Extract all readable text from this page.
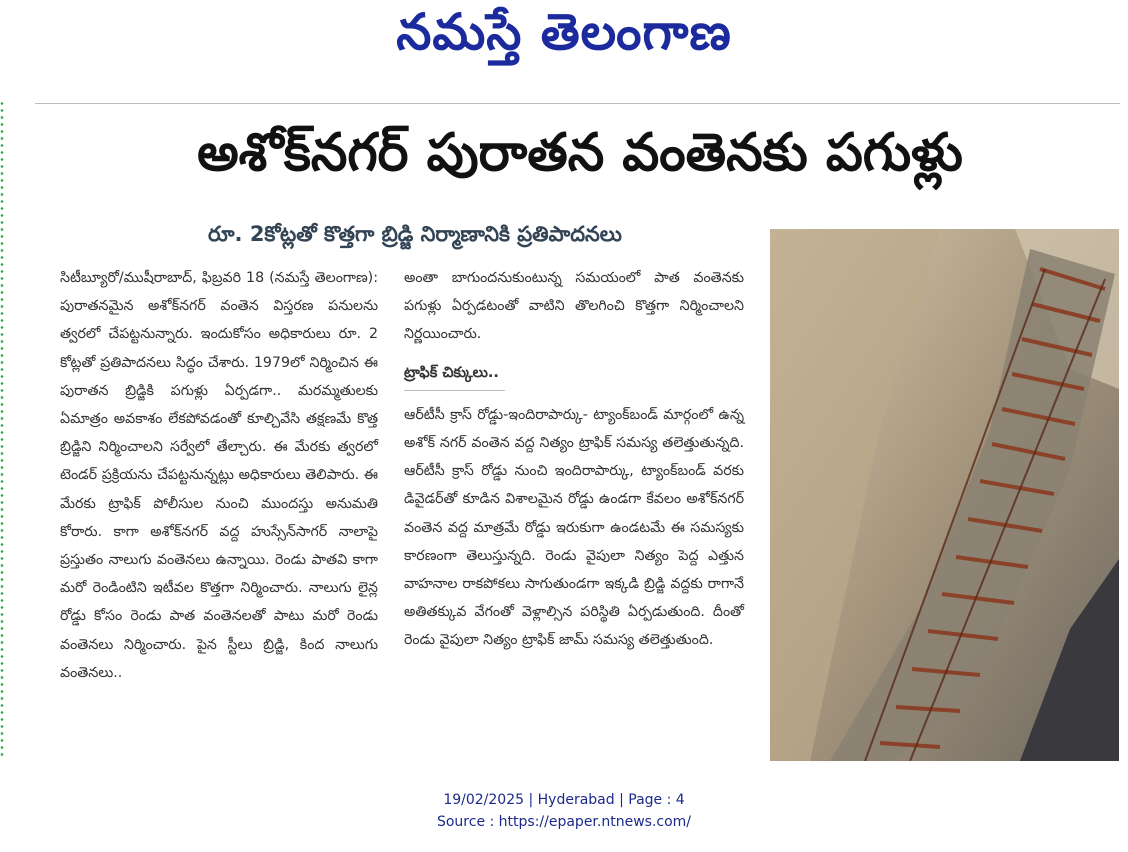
నమస్తే తెలంగాణ
అశోక్‌నగర్ పురాతన వంతెనకు పగుళ్లు
రూ. 2కోట్లతో కొత్తగా బ్రిడ్జి నిర్మాణానికి ప్రతిపాదనలు

సిటీబ్యూరో/ముషీరాబాద్, ఫిబ్రవరి 18 (నమస్తే తెలంగాణ): పురాతనమైన అశోక్‌నగర్ వంతెన విస్తరణ పనులను త్వరలో చేపట్టనున్నారు. ఇందుకోసం అధికారులు రూ. 2 కోట్లతో ప్రతిపాదనలు సిద్ధం చేశారు. 1979లో నిర్మించిన ఈ పురాతన బ్రిడ్జికి పగుళ్లు ఏర్పడగా.. మరమ్మతులకు ఏమాత్రం అవకాశం లేకపోవడంతో కూల్చివేసి తక్షణమే కొత్త బ్రిడ్జిని నిర్మించాలని సర్వేలో తేల్చారు. ఈ మేరకు త్వరలో టెండర్ ప్రక్రియను చేపట్టనున్నట్లు అధికారులు తెలిపారు. ఈ మేరకు ట్రాఫిక్ పోలీసుల నుంచి ముందస్తు అనుమతి కోరారు. కాగా అశోక్‌నగర్ వద్ద హుస్సేన్‌సాగర్ నాలాపై ప్రస్తుతం నాలుగు వంతెనలు ఉన్నాయి. రెండు పాతవి కాగా మరో రెండింటిని ఇటీవల కొత్తగా నిర్మించారు. నాలుగు లైన్ల రోడ్డు కోసం రెండు పాత వంతెనలతో పాటు మరో రెండు వంతెనలు నిర్మించారు. పైన స్టీలు బ్రిడ్జి, కింద నాలుగు వంతెనలు..

అంతా బాగుందనుకుంటున్న సమయంలో పాత వంతెనకు పగుళ్లు ఏర్పడటంతో వాటిని తొలగించి కొత్తగా నిర్మించాలని నిర్ణయించారు.

ట్రాఫిక్ చిక్కులు..

ఆర్‌టీసీ క్రాస్ రోడ్డు-ఇందిరాపార్కు- ట్యాంక్‌బండ్ మార్గంలో ఉన్న అశోక్ నగర్ వంతెన వద్ద నిత్యం ట్రాఫిక్ సమస్య తలెత్తుతున్నది. ఆర్‌టీసీ క్రాస్ రోడ్డు నుంచి ఇందిరాపార్కు, ట్యాంక్‌బండ్ వరకు డివైడర్‌తో కూడిన విశాలమైన రోడ్డు ఉండగా కేవలం అశోక్‌నగర్ వంతెన వద్ద మాత్రమే రోడ్డు ఇరుకుగా ఉండటమే ఈ సమస్యకు కారణంగా తెలుస్తున్నది. రెండు వైపులా నిత్యం పెద్ద ఎత్తున వాహనాల రాకపోకలు సాగుతుండగా ఇక్కడి బ్రిడ్జి వద్దకు రాగానే అతితక్కువ వేగంతో వెళ్లాల్సిన పరిస్థితి ఏర్పడుతుంది. దీంతో రెండు వైపులా నిత్యం ట్రాఫిక్ జామ్ సమస్య తలెత్తుతుంది.

19/02/2025 | Hyderabad | Page : 4
Source : https://epaper.ntnews.com/
